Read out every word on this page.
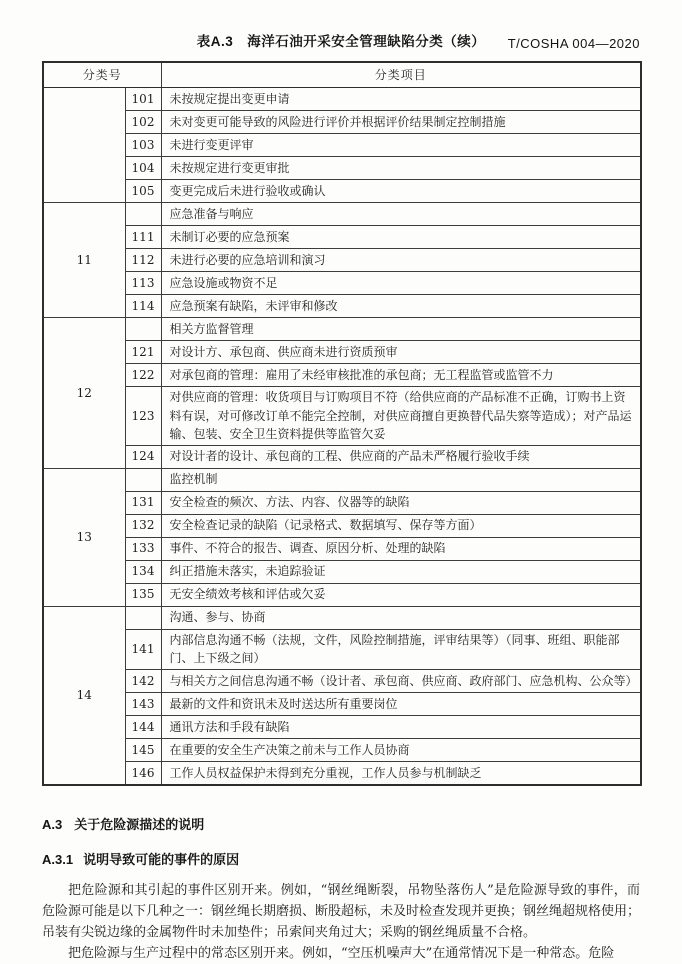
T/COSHA 004—2020
表A.3　海洋石油开采安全管理缺陷分类（续）
分类号		分类项目
	101	未按规定提出变更申请
	102	未对变更可能导致的风险进行评价并根据评价结果制定控制措施
	103	未进行变更评审
	104	未按规定进行变更审批
	105	变更完成后未进行验收或确认
11		应急准备与响应
	111	未制订必要的应急预案
	112	未进行必要的应急培训和演习
	113	应急设施或物资不足
	114	应急预案有缺陷，未评审和修改
12		相关方监督管理
	121	对设计方、承包商、供应商未进行资质预审
	122	对承包商的管理：雇用了未经审核批准的承包商；无工程监管或监管不力
	123	对供应商的管理：收货项目与订购项目不符（给供应商的产品标准不正确，订购书上资料有误，对可修改订单不能完全控制，对供应商擅自更换替代品失察等造成）；对产品运输、包装、安全卫生资料提供等监管欠妥
	124	对设计者的设计、承包商的工程、供应商的产品未严格履行验收手续
13		监控机制
	131	安全检查的频次、方法、内容、仪器等的缺陷
	132	安全检查记录的缺陷（记录格式、数据填写、保存等方面）
	133	事件、不符合的报告、调查、原因分析、处理的缺陷
	134	纠正措施未落实，未追踪验证
	135	无安全绩效考核和评估或欠妥
14		沟通、参与、协商
	141	内部信息沟通不畅（法规，文件，风险控制措施，评审结果等）（同事、班组、职能部门、上下级之间）
	142	与相关方之间信息沟通不畅（设计者、承包商、供应商、政府部门、应急机构、公众等）
	143	最新的文件和资讯未及时送达所有重要岗位
	144	通讯方法和手段有缺陷
	145	在重要的安全生产决策之前未与工作人员协商
	146	工作人员权益保护未得到充分重视，工作人员参与机制缺乏
A.3 关于危险源描述的说明
A.3.1 说明导致可能的事件的原因

把危险源和其引起的事件区别开来。例如，“钢丝绳断裂，吊物坠落伤人”是危险源导致的事件，而危险源可能是以下几种之一：钢丝绳长期磨损、断股超标，未及时检查发现并更换；钢丝绳超规格使用；吊装有尖锐边缘的金属物件时未加垫件；吊索间夹角过大；采购的钢丝绳质量不合格。

把危险源与生产过程中的常态区别开来。例如，“空压机噪声大”在通常情况下是一种常态。危险
